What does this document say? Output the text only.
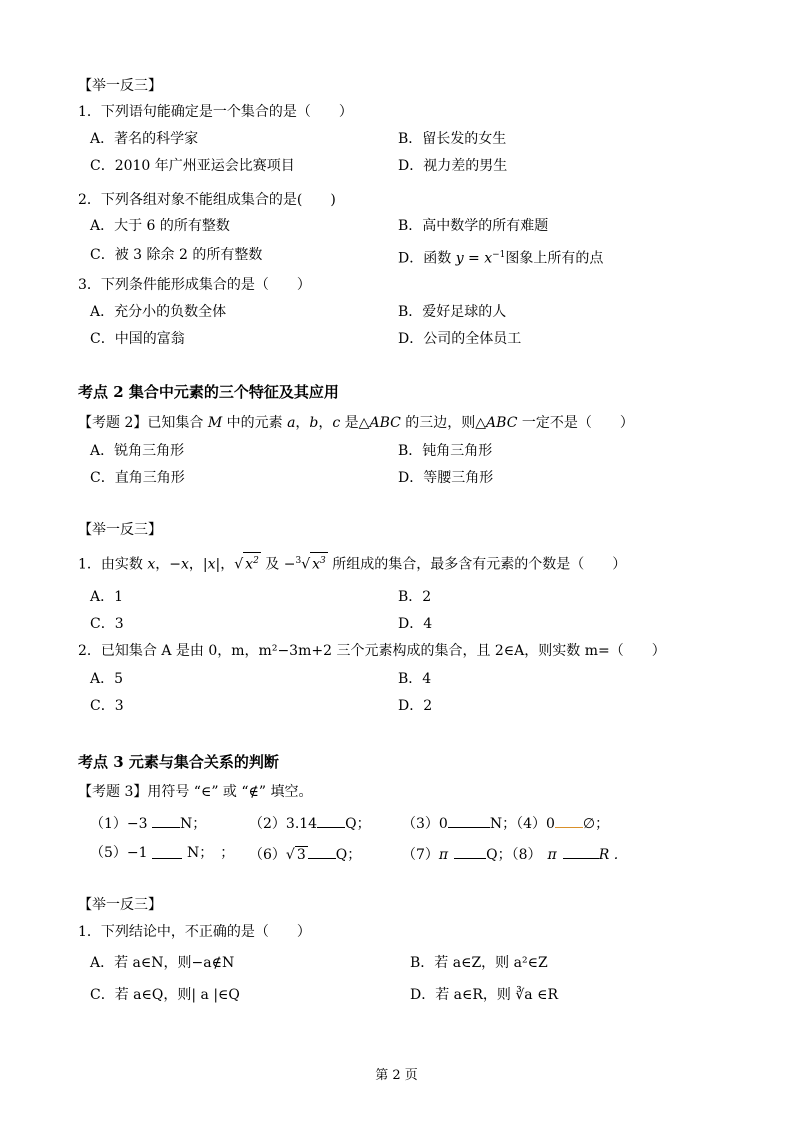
【举一反三】
1．下列语句能确定是一个集合的是（　　）
A．著名的科学家	B．留长发的女生
C．2010 年广州亚运会比赛项目	D．视力差的男生
2．下列各组对象不能组成集合的是(　　)
A．大于 6 的所有整数	B．高中数学的所有难题
C．被 3 除余 2 的所有整数	D．函数 $y = x^{-1}$图象上所有的点
3．下列条件能形成集合的是（　　）
A．充分小的负数全体	B．爱好足球的人
C．中国的富翁	D．公司的全体员工
考点 2 集合中元素的三个特征及其应用
【考题 2】已知集合 M 中的元素 a，b，c 是△ABC 的三边，则△ABC 一定不是（　　）
A．锐角三角形	B．钝角三角形
C．直角三角形	D．等腰三角形
【举一反三】
1．由实数 x，−x，|x|，√ $x^2$ 及 −$^3$√ $x^3$ 所组成的集合，最多含有元素的个数是（　　）
A．1	B．2
C．3	D．4
2．已知集合 A 是由 0，m，m²−3m+2 三个元素构成的集合，且 2∈A，则实数 m=（　　）
A．5	B．4
C．3	D．2
考点 3 元素与集合关系的判断
【考题 3】用符号 “∈” 或 “∉” 填空。
（1）−3 N；	（2）3.14 Q； （3）0	N；（4）0 ∅；
（5）−1	N；　； （6）√ 3 Q；	（7）π	Q；（8） π	R .
【举一反三】
1．下列结论中，不正确的是（　　）
A．若 a∈N，则−a∉N	B．若 a∈Z，则 a²∈Z
C．若 a∈Q，则| a |∈Q	D．若 a∈R，则 ∛a ∈R
第 2 页
